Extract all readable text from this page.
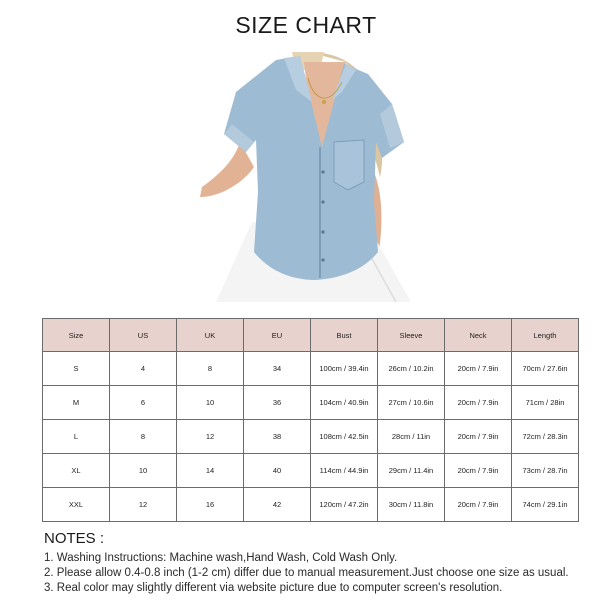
SIZE CHART
Size	US	UK	EU	Bust	Sleeve	Neck	Length
S	4	8	34	100cm / 39.4in	26cm / 10.2in	20cm / 7.9in	70cm / 27.6in
M	6	10	36	104cm / 40.9in	27cm / 10.6in	20cm / 7.9in	71cm / 28in
L	8	12	38	108cm / 42.5in	28cm / 11in	20cm / 7.9in	72cm / 28.3in
XL	10	14	40	114cm / 44.9in	29cm / 11.4in	20cm / 7.9in	73cm / 28.7in
XXL	12	16	42	120cm / 47.2in	30cm / 11.8in	20cm / 7.9in	74cm / 29.1in
NOTES :
1. Washing Instructions: Machine wash,Hand Wash, Cold Wash Only.
2. Please allow 0.4-0.8 inch (1-2 cm) differ due to manual measurement.Just choose one size as usual.
3. Real color may slightly different via website picture due to computer screen's resolution.
